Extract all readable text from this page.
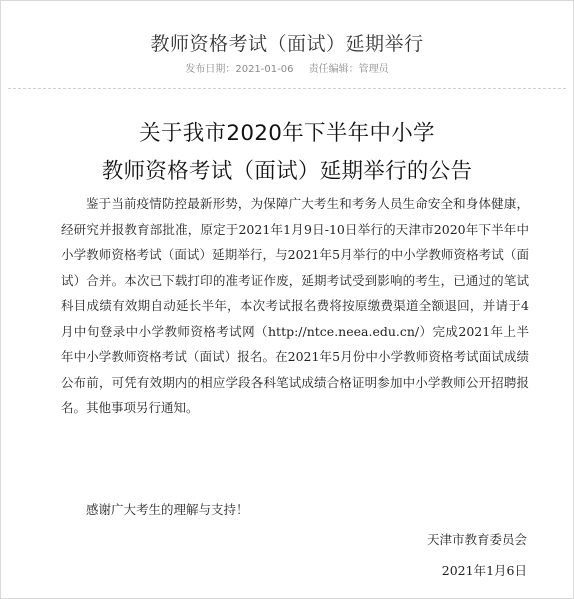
教师资格考试（面试）延期举行
发布日期：2021-01-06 责任编辑：管理员
关于我市2020年下半年中小学
教师资格考试（面试）延期举行的公告

鉴于当前疫情防控最新形势，为保障广大考生和考务人员生命安全和身体健康，经研究并报教育部批准，原定于2021年1月9日-10日举行的天津市2020年下半年中小学教师资格考试（面试）延期举行，与2021年5月举行的中小学教师资格考试（面试）合并。本次已下载打印的准考证作废，延期考试受到影响的考生，已通过的笔试科目成绩有效期自动延长半年，本次考试报名费将按原缴费渠道全额退回，并请于4月中旬登录中小学教师资格考试网（http://ntce.neea.edu.cn/）完成2021年上半年中小学教师资格考试（面试）报名。在2021年5月份中小学教师资格考试面试成绩公布前，可凭有效期内的相应学段各科笔试成绩合格证明参加中小学教师公开招聘报名。其他事项另行通知。

感谢广大考生的理解与支持！
天津市教育委员会
2021年1月6日
